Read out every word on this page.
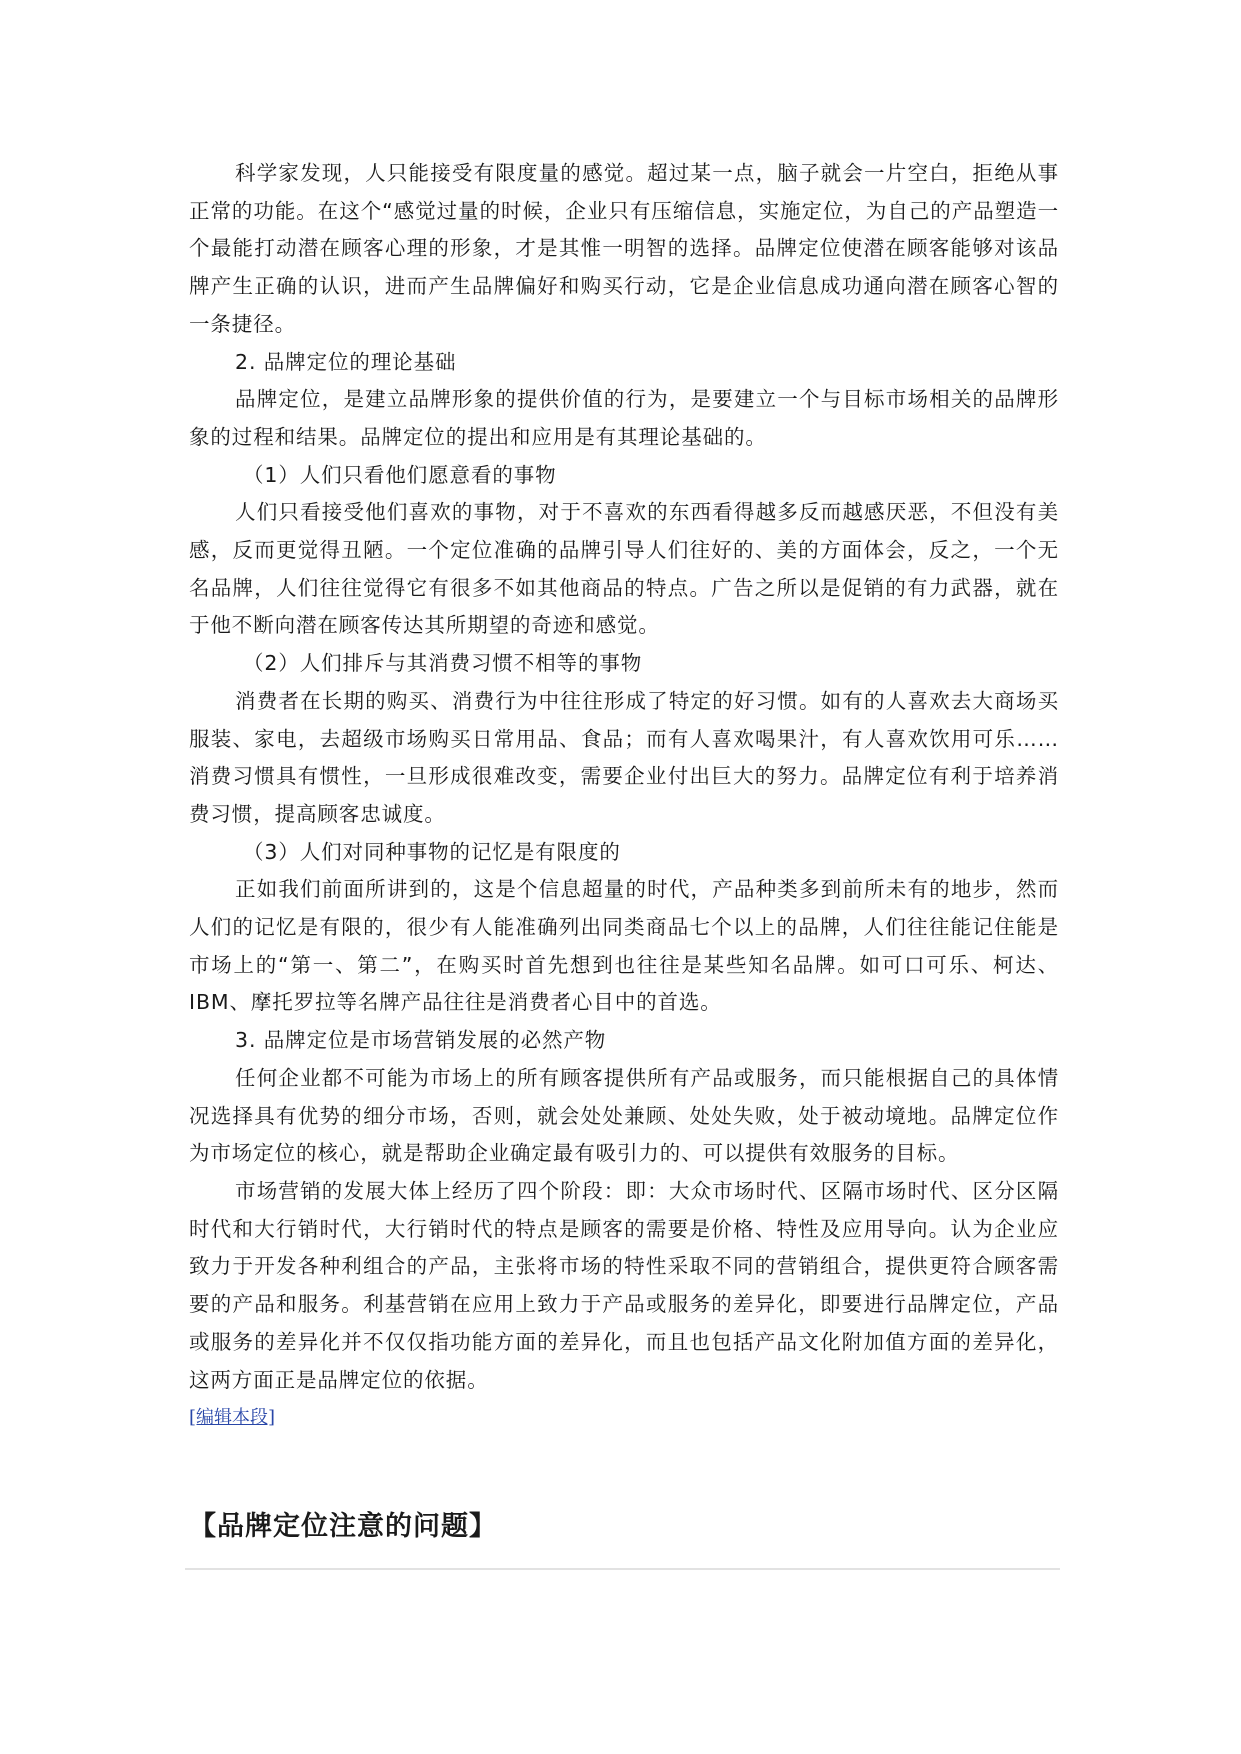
科学家发现，人只能接受有限度量的感觉。超过某一点，脑子就会一片空白，拒绝从事正常的功能。在这个“感觉过量的时候，企业只有压缩信息，实施定位，为自己的产品塑造一个最能打动潜在顾客心理的形象，才是其惟一明智的选择。品牌定位使潜在顾客能够对该品牌产生正确的认识，进而产生品牌偏好和购买行动，它是企业信息成功通向潜在顾客心智的一条捷径。

2. 品牌定位的理论基础

品牌定位，是建立品牌形象的提供价值的行为，是要建立一个与目标市场相关的品牌形象的过程和结果。品牌定位的提出和应用是有其理论基础的。

（1）人们只看他们愿意看的事物

人们只看接受他们喜欢的事物，对于不喜欢的东西看得越多反而越感厌恶，不但没有美感，反而更觉得丑陋。一个定位准确的品牌引导人们往好的、美的方面体会，反之，一个无名品牌，人们往往觉得它有很多不如其他商品的特点。广告之所以是促销的有力武器，就在于他不断向潜在顾客传达其所期望的奇迹和感觉。

（2）人们排斥与其消费习惯不相等的事物

消费者在长期的购买、消费行为中往往形成了特定的好习惯。如有的人喜欢去大商场买服装、家电，去超级市场购买日常用品、食品；而有人喜欢喝果汁，有人喜欢饮用可乐……消费习惯具有惯性，一旦形成很难改变，需要企业付出巨大的努力。品牌定位有利于培养消费习惯，提高顾客忠诚度。

（3）人们对同种事物的记忆是有限度的

正如我们前面所讲到的，这是个信息超量的时代，产品种类多到前所未有的地步，然而人们的记忆是有限的，很少有人能准确列出同类商品七个以上的品牌，人们往往能记住能是市场上的“第一、第二”，在购买时首先想到也往往是某些知名品牌。如可口可乐、柯达、IBM、摩托罗拉等名牌产品往往是消费者心目中的首选。

3. 品牌定位是市场营销发展的必然产物

任何企业都不可能为市场上的所有顾客提供所有产品或服务，而只能根据自己的具体情况选择具有优势的细分市场，否则，就会处处兼顾、处处失败，处于被动境地。品牌定位作为市场定位的核心，就是帮助企业确定最有吸引力的、可以提供有效服务的目标。

市场营销的发展大体上经历了四个阶段：即：大众市场时代、区隔市场时代、区分区隔时代和大行销时代，大行销时代的特点是顾客的需要是价格、特性及应用导向。认为企业应致力于开发各种利组合的产品，主张将市场的特性采取不同的营销组合，提供更符合顾客需要的产品和服务。利基营销在应用上致力于产品或服务的差异化，即要进行品牌定位，产品或服务的差异化并不仅仅指功能方面的差异化，而且也包括产品文化附加值方面的差异化，这两方面正是品牌定位的依据。

[编辑本段]
【品牌定位注意的问题】
